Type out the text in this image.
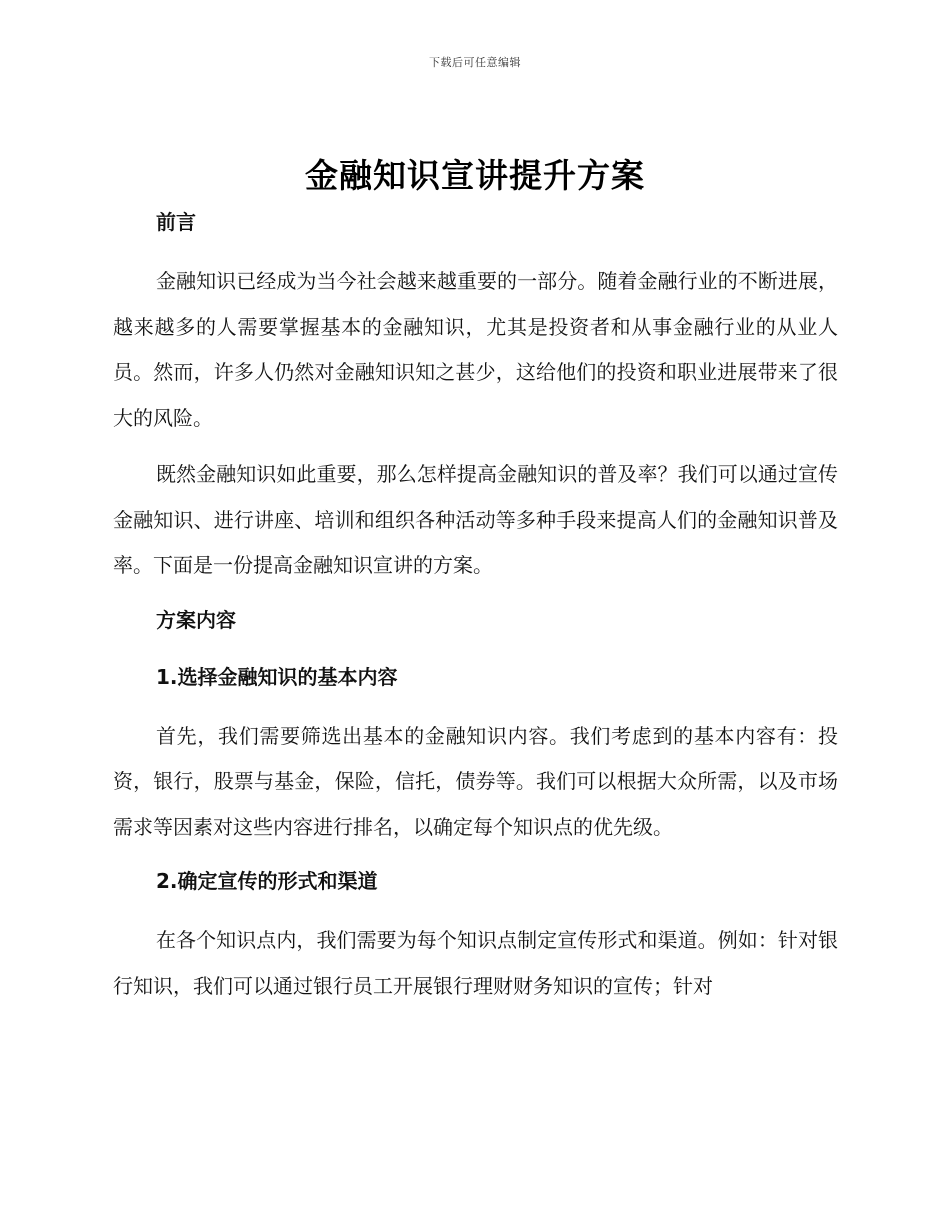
下载后可任意编辑
金融知识宣讲提升方案

前言

金融知识已经成为当今社会越来越重要的一部分。随着金融行业的不断进展，越来越多的人需要掌握基本的金融知识，尤其是投资者和从事金融行业的从业人员。然而，许多人仍然对金融知识知之甚少，这给他们的投资和职业进展带来了很大的风险。

既然金融知识如此重要，那么怎样提高金融知识的普及率？我们可以通过宣传金融知识、进行讲座、培训和组织各种活动等多种手段来提高人们的金融知识普及率。下面是一份提高金融知识宣讲的方案。

方案内容

1.选择金融知识的基本内容

首先，我们需要筛选出基本的金融知识内容。我们考虑到的基本内容有：投资，银行，股票与基金，保险，信托，债券等。我们可以根据大众所需，以及市场需求等因素对这些内容进行排名，以确定每个知识点的优先级。

2.确定宣传的形式和渠道

在各个知识点内，我们需要为每个知识点制定宣传形式和渠道。例如：针对银行知识，我们可以通过银行员工开展银行理财财务知识的宣传；针对
